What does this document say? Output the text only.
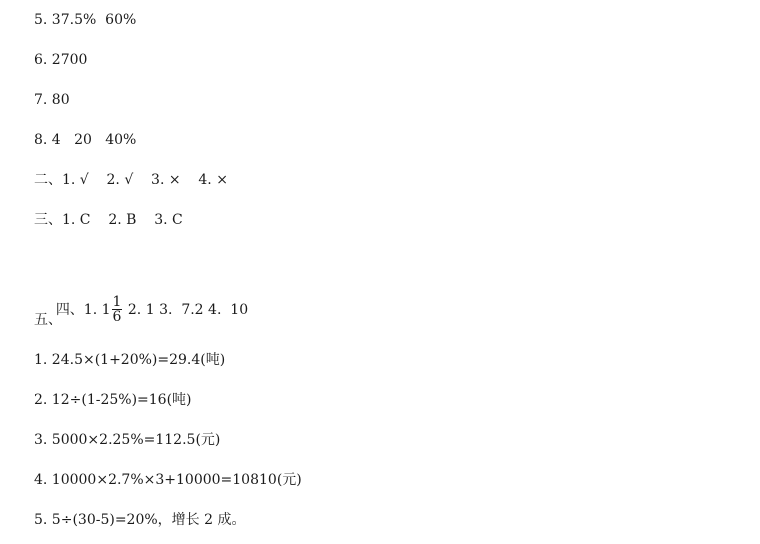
5. 37.5%  60%
6. 2700
7. 80
8. 4   20   40%
二、1. √    2. √    3. ×    4. ×
三、1. C    2. B    3. C

四、1. $1 \frac{1}{6} 2$. 1 3.  7.2 4.  10

五、
1. 24.5×(1+20%)=29.4(吨)
2. 12÷(1-25%)=16(吨)
3. 5000×2.25%=112.5(元)
4. 10000×2.7%×3+10000=10810(元)
5. 5÷(30-5)=20%，增长 2 成。
